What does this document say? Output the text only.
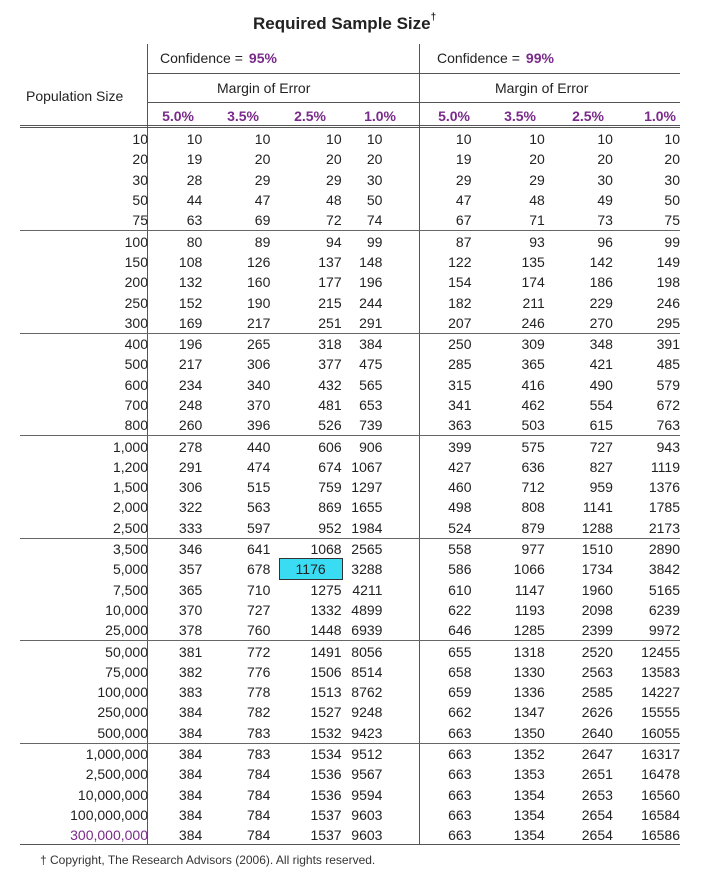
Required Sample Size†
Confidence = 95%	Confidence = 99%
Margin of Error	Margin of Error
Population Size
5.0%	3.5%	2.5%	1.0%	5.0%	3.5%	2.5%	1.0%
10	10	10	10	10	10	10	10	10
20	19	20	20	20	19	20	20	20
30	28	29	29	30	29	29	30	30
50	44	47	48	50	47	48	49	50
75	63	69	72	74	67	71	73	75
100	80	89	94	99	87	93	96	99
150	108	126	137	148	122	135	142	149
200	132	160	177	196	154	174	186	198
250	152	190	215	244	182	211	229	246
300	169	217	251	291	207	246	270	295
400	196	265	318	384	250	309	348	391
500	217	306	377	475	285	365	421	485
600	234	340	432	565	315	416	490	579
700	248	370	481	653	341	462	554	672
800	260	396	526	739	363	503	615	763
1,000	278	440	606	906	399	575	727	943
1,200	291	474	674	1067	427	636	827	1119
1,500	306	515	759	1297	460	712	959	1376
2,000	322	563	869	1655	498	808	1141	1785
2,500	333	597	952	1984	524	879	1288	2173
3,500	346	641	1068	2565	558	977	1510	2890
5,000	357	678	1176	3288	586	1066	1734	3842
7,500	365	710	1275	4211	610	1147	1960	5165
10,000	370	727	1332	4899	622	1193	2098	6239
25,000	378	760	1448	6939	646	1285	2399	9972
50,000	381	772	1491	8056	655	1318	2520	12455
75,000	382	776	1506	8514	658	1330	2563	13583
100,000	383	778	1513	8762	659	1336	2585	14227
250,000	384	782	1527	9248	662	1347	2626	15555
500,000	384	783	1532	9423	663	1350	2640	16055
1,000,000	384	783	1534	9512	663	1352	2647	16317
2,500,000	384	784	1536	9567	663	1353	2651	16478
10,000,000	384	784	1536	9594	663	1354	2653	16560
100,000,000	384	784	1537	9603	663	1354	2654	16584
300,000,000	384	784	1537	9603	663	1354	2654	16586
† Copyright, The Research Advisors (2006). All rights reserved.
